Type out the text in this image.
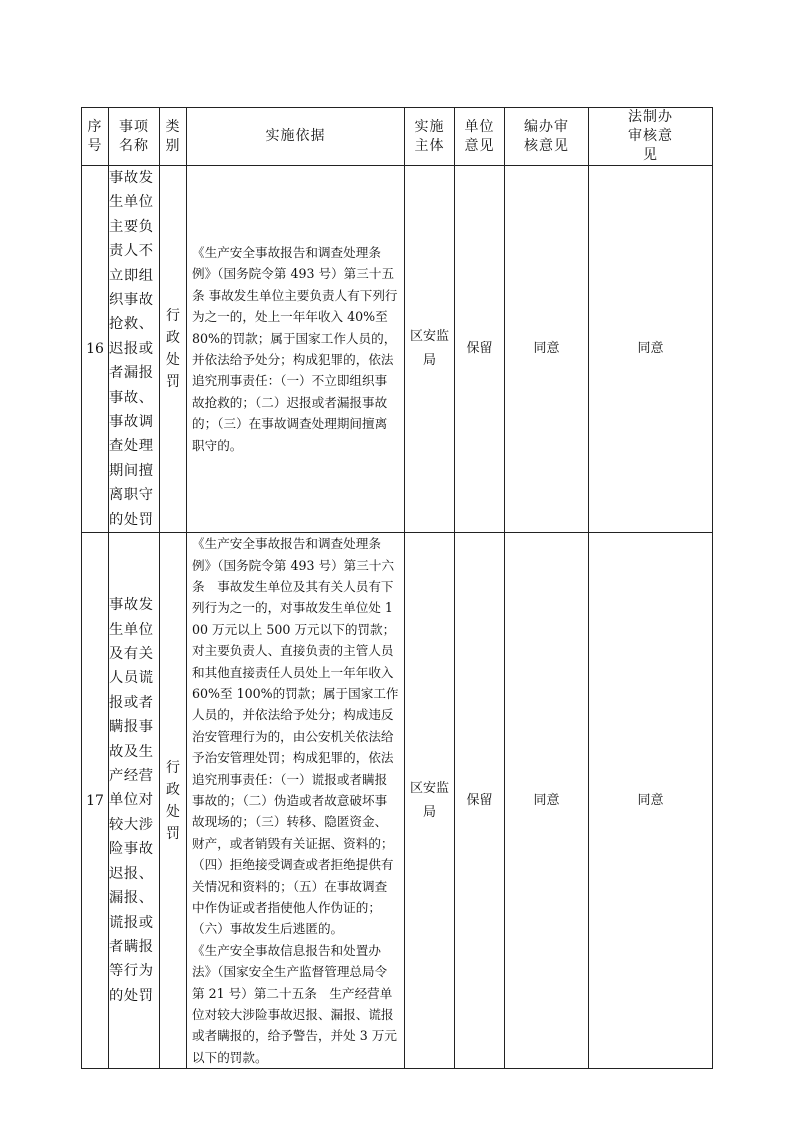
序号	事项名称	类别	实施依据	实施主体	单位意见	编办审核意见	法制办审核意见
16	事故发生单位主要负责人不立即组织事故抢救、迟报或者漏报事故、事故调查处理期间擅离职守的处罚	行政处罚	《生产安全事故报告和调查处理条例》（国务院令第 493 号）第三十五条 事故发生单位主要负责人有下列行为之一的，处上一年年收入 40%至 80%的罚款；属于国家工作人员的，并依法给予处分；构成犯罪的，依法追究刑事责任：（一）不立即组织事故抢救的；（二）迟报或者漏报事故的；（三）在事故调查处理期间擅离职守的。	区安监局	保留	同意	同意
17	事故发生单位及有关人员谎报或者瞒报事故及生产经营单位对较大涉险事故迟报、漏报、谎报或者瞒报等行为的处罚	行政处罚	《生产安全事故报告和调查处理条例》（国务院令第 493 号）第三十六条　事故发生单位及其有关人员有下列行为之一的，对事故发生单位处 100 万元以上 500 万元以下的罚款；对主要负责人、直接负责的主管人员和其他直接责任人员处上一年年收入 60%至 100%的罚款；属于国家工作人员的，并依法给予处分；构成违反治安管理行为的，由公安机关依法给予治安管理处罚；构成犯罪的，依法追究刑事责任：（一）谎报或者瞒报事故的；（二）伪造或者故意破坏事故现场的；（三）转移、隐匿资金、财产，或者销毁有关证据、资料的；（四）拒绝接受调查或者拒绝提供有关情况和资料的；（五）在事故调查中作伪证或者指使他人作伪证的；（六）事故发生后逃匿的。

《生产安全事故信息报告和处置办法》（国家安全生产监督管理总局令第 21 号）第二十五条　生产经营单位对较大涉险事故迟报、漏报、谎报或者瞒报的，给予警告，并处 3 万元以下的罚款。	区安监局	保留	同意	同意
